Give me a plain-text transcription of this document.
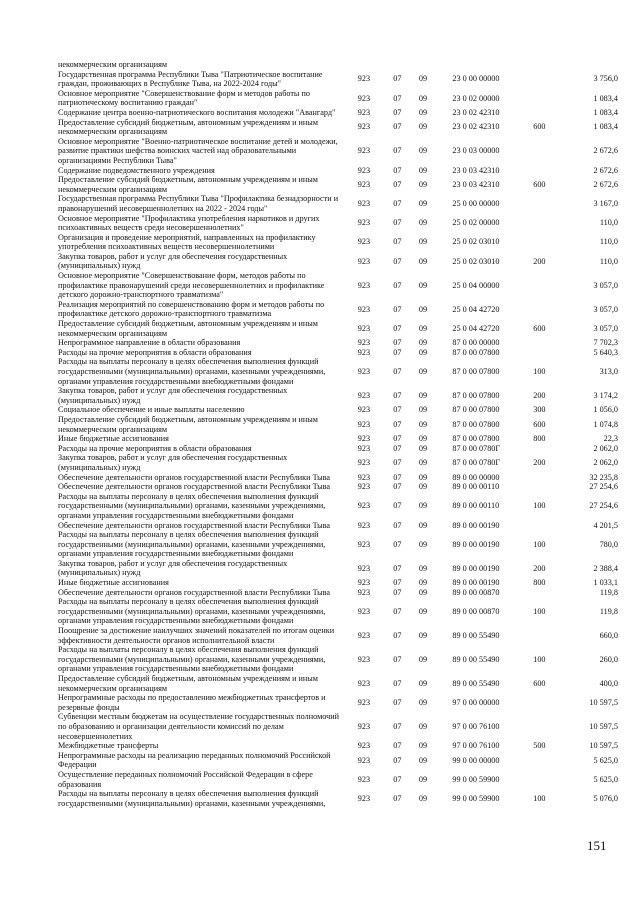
некоммерческим организациям
Государственная программа Республики Тыва "Патриотическое воспитание граждан, проживающих в Республике Тыва, на 2022-2024 годы"
923	07	09	23 0 00 00000	3 756,0
Основное мероприятие "Совершенствование форм и методов работы по патриотическому воспитанию граждан"
923	07	09	23 0 02 00000	1 083,4
Содержание центра военно-патриотического воспитания молодежи "Авангард"	923	07	09	23 0 02 42310	1 083,4
Предоставление субсидий бюджетным, автономным учреждениям и иным некоммерческим организациям
923	07	09	23 0 02 42310	600	1 083,4
Основное мероприятие "Военно-патриотическое воспитание детей и молодежи, развитие практики шефства воинских частей над образовательными организациями Республики Тыва"
923	07	09	23 0 03 00000	2 672,6
Содержание подведомственного учреждения	923	07	09	23 0 03 42310	2 672,6
Предоставление субсидий бюджетным, автономным учреждениям и иным некоммерческим организациям
923	07	09	23 0 03 42310	600	2 672,6
Государственная программа Республики Тыва "Профилактика безнадзорности и правонарушений несовершеннолетних на 2022 - 2024 годы"
923	07	09	25 0 00 00000	3 167,0
Основное мероприятие "Профилактика употребления наркотиков и других психоактивных веществ среди несовершеннолетних"
923	07	09	25 0 02 00000	110,0
Организация и проведение мероприятий, направленных на профилактику употребления психоактивных веществ несовершеннолетними
923	07	09	25 0 02 03010	110,0
Закупка товаров, работ и услуг для обеспечения государственных (муниципальных) нужд
923	07	09	25 0 02 03010	200	110,0
Основное мероприятие "Совершенствование форм, методов работы по профилактике правонарушений среди несовершеннолетних и профилактике детского дорожно-транспортного травматизма"
923	07	09	25 0 04 00000	3 057,0
Реализация мероприятий по совершенствованию форм и методов работы по профилактике детского дорожно-транспортного травматизма
923	07	09	25 0 04 42720	3 057,0
Предоставление субсидий бюджетным, автономным учреждениям и иным некоммерческим организациям
923	07	09	25 0 04 42720	600	3 057,0
Непрограммное направление в области образования	923	07	09	87 0 00 00000	7 702,3
Расходы на прочие мероприятия в области образования	923	07	09	87 0 00 07800	5 640,3
Расходы на выплаты персоналу в целях обеспечения выполнения функций государственными (муниципальными) органами, казенными учреждениями, органами управления государственными внебюджетными фондами
923	07	09	87 0 00 07800	100	313,0
Закупка товаров, работ и услуг для обеспечения государственных (муниципальных) нужд
923	07	09	87 0 00 07800	200	3 174,2
Социальное обеспечение и иные выплаты населению	923	07	09	87 0 00 07800	300	1 056,0
Предоставление субсидий бюджетным, автономным учреждениям и иным некоммерческим организациям
923	07	09	87 0 00 07800	600	1 074,8
Иные бюджетные ассигнования	923	07	09	87 0 00 07800	800	22,3
Расходы на прочие мероприятия в области образования	923	07	09	87 0 00 0780Г	2 062,0
Закупка товаров, работ и услуг для обеспечения государственных (муниципальных) нужд
923	07	09	87 0 00 0780Г	200	2 062,0
Обеспечение деятельности органов государственной власти Республики Тыва	923	07	09	89 0 00 00000	32 235,8
Обеспечение деятельности органов государственной власти Республики Тыва	923	07	09	89 0 00 00110	27 254,6
Расходы на выплаты персоналу в целях обеспечения выполнения функций государственными (муниципальными) органами, казенными учреждениями, органами управления государственными внебюджетными фондами
923	07	09	89 0 00 00110	100	27 254,6
Обеспечение деятельности органов государственной власти Республики Тыва	923	07	09	89 0 00 00190	4 201,5
Расходы на выплаты персоналу в целях обеспечения выполнения функций государственными (муниципальными) органами, казенными учреждениями, органами управления государственными внебюджетными фондами
923	07	09	89 0 00 00190	100	780,0
Закупка товаров, работ и услуг для обеспечения государственных (муниципальных) нужд
923	07	09	89 0 00 00190	200	2 388,4
Иные бюджетные ассигнования	923	07	09	89 0 00 00190	800	1 033,1
Обеспечение деятельности органов государственной власти Республики Тыва	923	07	09	89 0 00 00870	119,8
Расходы на выплаты персоналу в целях обеспечения выполнения функций государственными (муниципальными) органами, казенными учреждениями, органами управления государственными внебюджетными фондами
923	07	09	89 0 00 00870	100	119,8
Поощрение за достижение наилучших значений показателей по итогам оценки эффективности деятельности органов исполнительной власти
923	07	09	89 0 00 55490	660,0
Расходы на выплаты персоналу в целях обеспечения выполнения функций государственными (муниципальными) органами, казенными учреждениями, органами управления государственными внебюджетными фондами
923	07	09	89 0 00 55490	100	260,0
Предоставление субсидий бюджетным, автономным учреждениям и иным некоммерческим организациям
923	07	09	89 0 00 55490	600	400,0
Непрограммные расходы по предоставлению межбюджетных трансфертов и резервные фонды
923	07	09	97 0 00 00000	10 597,5
Субвенции местным бюджетам на осуществление государственных полномочий по образованию и организации деятельности комиссий по делам несовершеннолетних
923	07	09	97 0 00 76100	10 597,5
Межбюджетные трансферты	923	07	09	97 0 00 76100	500	10 597,5
Непрограммные расходы на реализацию переданных полномочий Российской Федерации
923	07	09	99 0 00 00000	5 625,0
Осуществление переданных полномочий Российской Федерации в сфере образования
923	07	09	99 0 00 59900	5 625,0
Расходы на выплаты персоналу в целях обеспечения выполнения функций государственными (муниципальными) органами, казенными учреждениями,
923	07	09	99 0 00 59900	100	5 076,0
151
